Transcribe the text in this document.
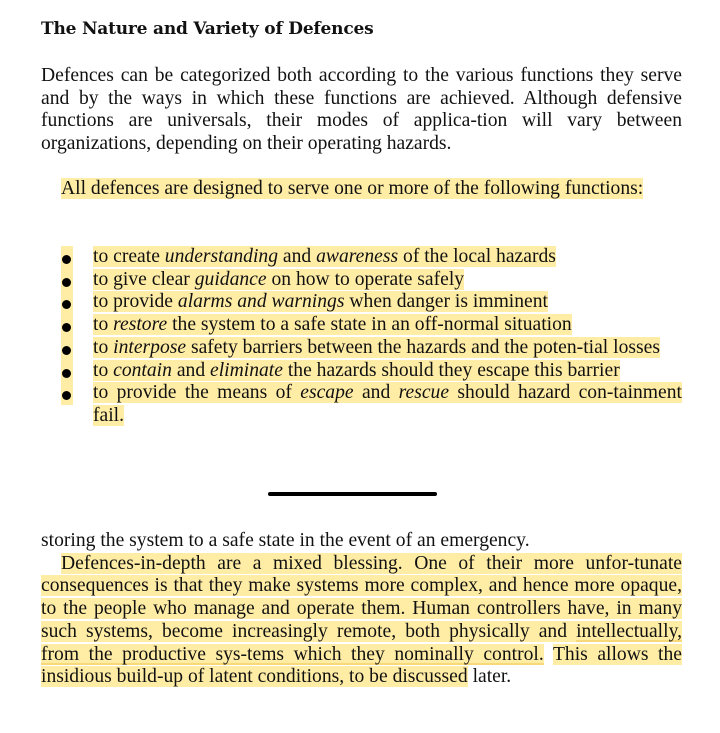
The Nature and Variety of Defences
Defences can be categorized both according to the various functions they serve and by the ways in which these functions are achieved. Although defensive functions are universals, their modes of applica-tion will vary between organizations, depending on their operating hazards.
All defences are designed to serve one or more of the following functions:
to create understanding and awareness of the local hazards
to give clear guidance on how to operate safely
to provide alarms and warnings when danger is imminent
to restore the system to a safe state in an off-normal situation
to interpose safety barriers between the hazards and the poten-tial losses
to contain and eliminate the hazards should they escape this barrier
to provide the means of escape and rescue should hazard con-tainment fail.
storing the system to a safe state in the event of an emergency.
Defences-in-depth are a mixed blessing. One of their more unfor-tunate consequences is that they make systems more complex, and hence more opaque, to the people who manage and operate them. Human controllers have, in many such systems, become increasingly remote, both physically and intellectually, from the productive sys-tems which they nominally control. This allows the insidious build-up of latent conditions, to be discussed later.
